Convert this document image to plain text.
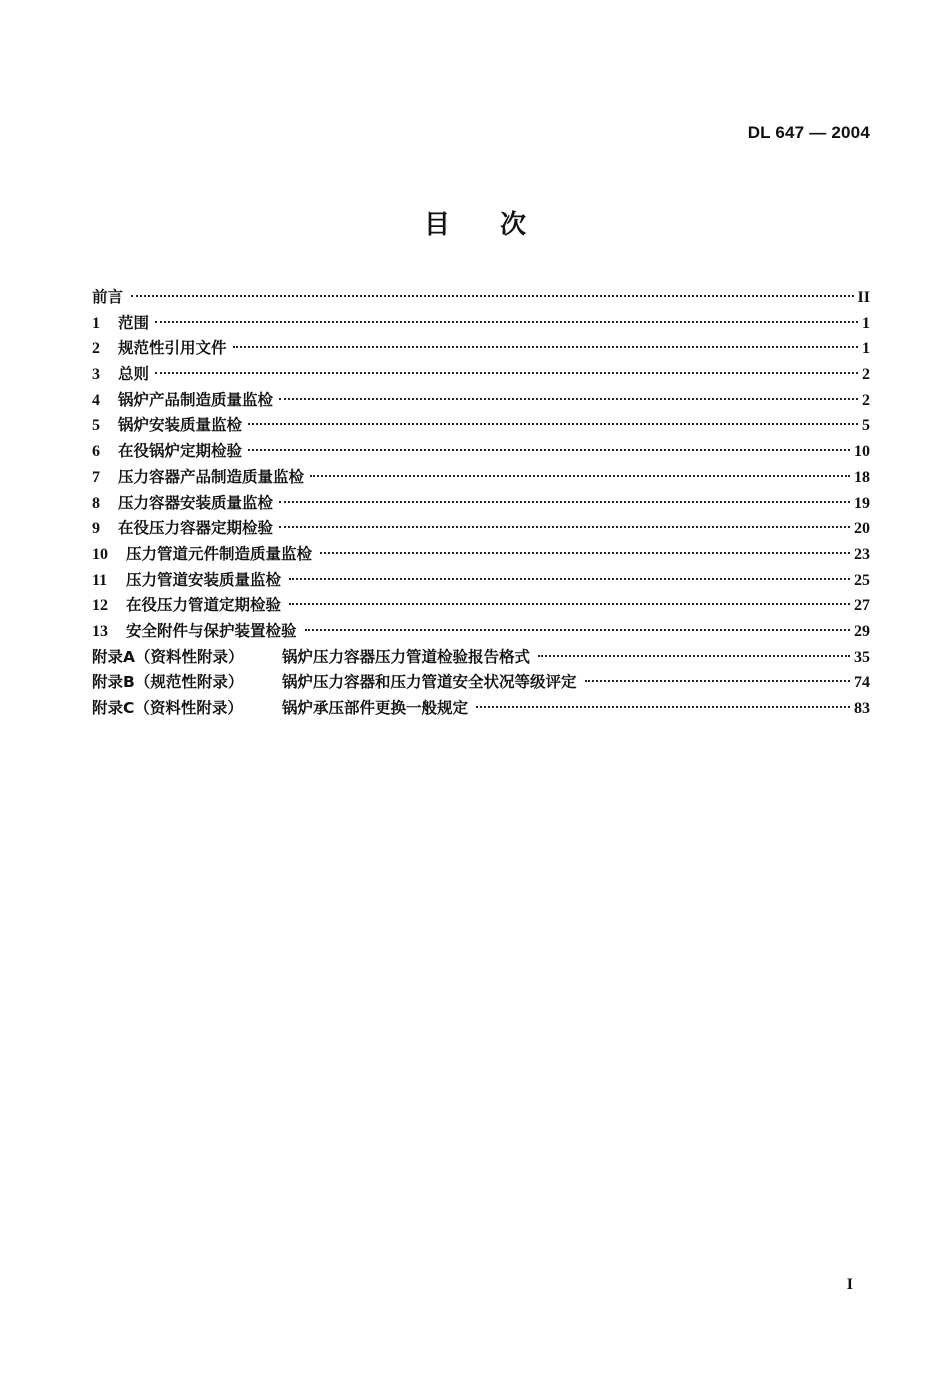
DL 647 — 2004
目次
前言	II
1	范围	1
2	规范性引用文件	1
3	总则	2
4	锅炉产品制造质量监检	2
5	锅炉安装质量监检	5
6	在役锅炉定期检验	10
7	压力容器产品制造质量监检	18
8	压力容器安装质量监检	19
9	在役压力容器定期检验	20
10	压力管道元件制造质量监检	23
11	压力管道安装质量监检	25
12	在役压力管道定期检验	27
13	安全附件与保护装置检验	29
附录A（资料性附录）	锅炉压力容器压力管道检验报告格式	35
附录B（规范性附录）	锅炉压力容器和压力管道安全状况等级评定	74
附录C（资料性附录）	锅炉承压部件更换一般规定	83
I
